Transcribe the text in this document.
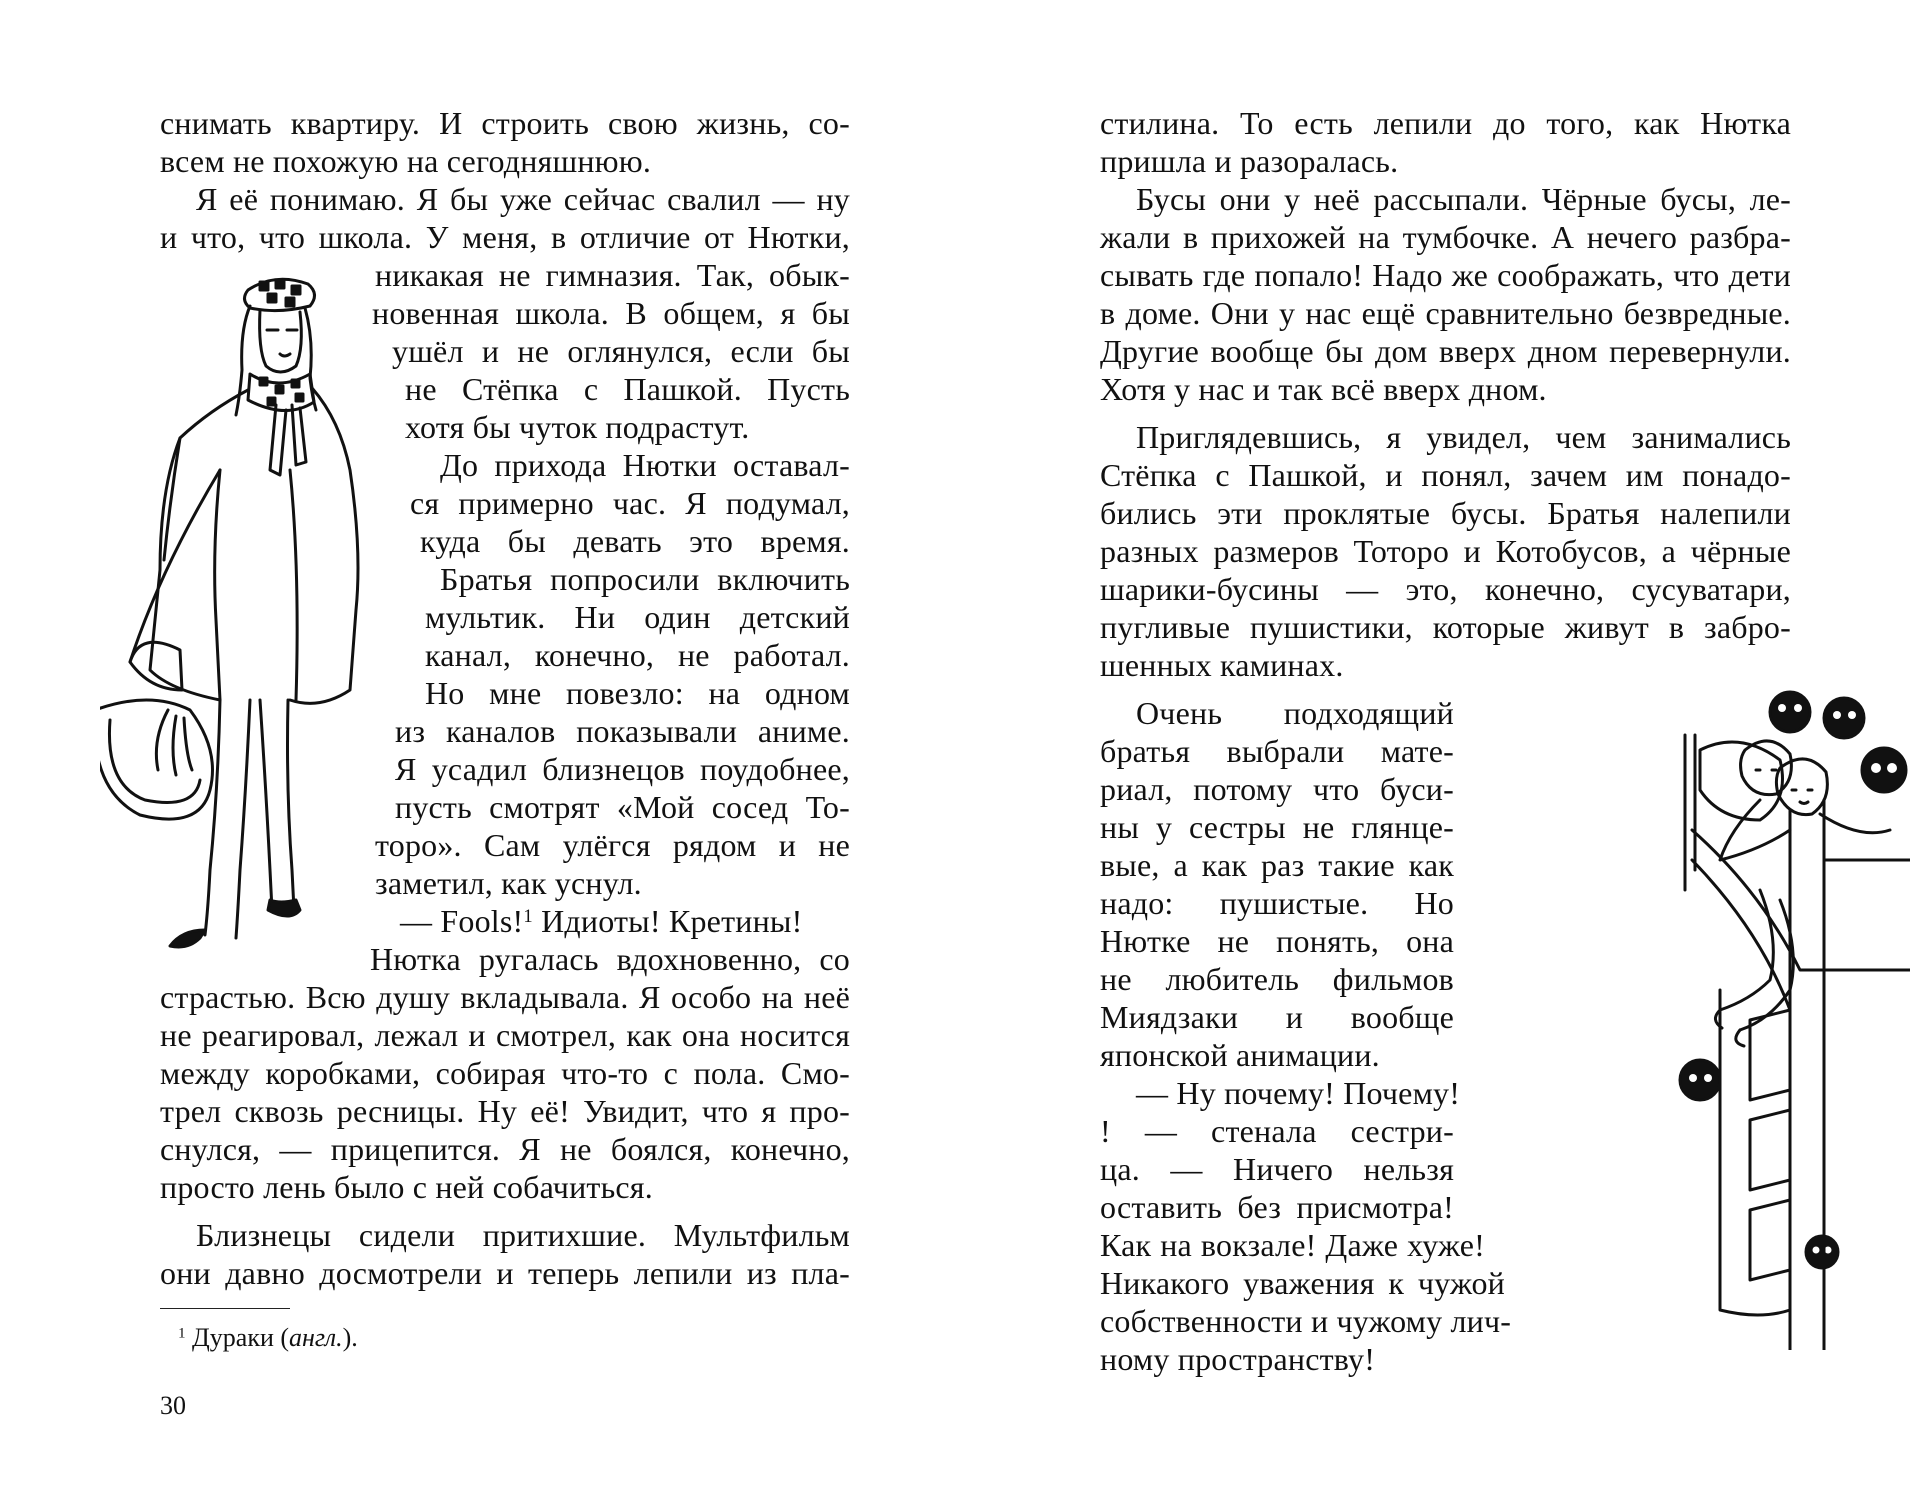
снимать квартиру. И строить свою жизнь, со-
всем не похожую на сегодняшнюю.
Я её понимаю. Я бы уже сейчас свалил — ну
и что, что школа. У меня, в отличие от Нютки,
никакая не гимназия. Так, обык-
новенная школа. В общем, я бы
ушёл и не оглянулся, если бы
не Стёпка с Пашкой. Пусть
хотя бы чуток подрастут.
До прихода Нютки оставал-
ся примерно час. Я подумал,
куда бы девать это время.
Братья попросили включить
мультик. Ни один детский
канал, конечно, не работал.
Но мне повезло: на одном
из каналов показывали аниме.
Я усадил близнецов поудобнее,
пусть смотрят «Мой сосед То-
торо». Сам улёгся рядом и не
заметил, как уснул.
— Fools!$^1$ Идиоты! Кретины!
Нютка ругалась вдохновенно, со
страстью. Всю душу вкладывала. Я особо на неё
не реагировал, лежал и смотрел, как она носится
между коробками, собирая что-то с пола. Смо-
трел сквозь ресницы. Ну её! Увидит, что я про-
снулся, — прицепится. Я не боялся, конечно,
просто лень было с ней собачиться.
Близнецы сидели притихшие. Мультфильм
они давно досмотрели и теперь лепили из пла-
$^1$ Дураки (англ.).
30
стилина. То есть лепили до того, как Нютка
пришла и разоралась.
Бусы они у неё рассыпали. Чёрные бусы, ле-
жали в прихожей на тумбочке. А нечего разбра-
сывать где попало! Надо же соображать, что дети
в доме. Они у нас ещё сравнительно безвредные.
Другие вообще бы дом вверх дном перевернули.
Хотя у нас и так всё вверх дном.
Приглядевшись, я увидел, чем занимались
Стёпка с Пашкой, и понял, зачем им понадо-
бились эти проклятые бусы. Братья налепили
разных размеров Тоторо и Котобусов, а чёрные
шарики-бусины — это, конечно, сусуватари,
пугливые пушистики, которые живут в забро-
шенных каминах.
Очень подходящий
братья выбрали мате-
риал, потому что буси-
ны у сестры не глянце-
вые, а как раз такие как
надо: пушистые. Но
Нютке не понять, она
не любитель фильмов
Миядзаки и вообще
японской анимации.
— Ну почему! Почему!
! — стенала сестри-
ца. — Ничего нельзя
оставить без присмотра!
Как на вокзале! Даже хуже!
Никакого уважения к чужой
собственности и чужому лич-
ному пространству!
